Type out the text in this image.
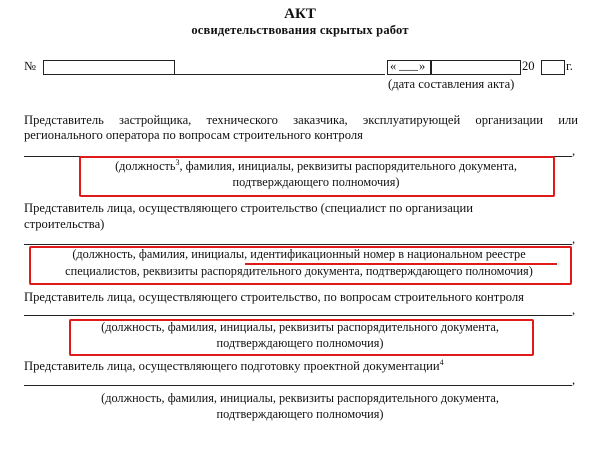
АКТ
освидетельствования скрытых работ
№	« ___ »	20 г.
(дата составления акта)
Представитель застройщика, технического заказчика, эксплуатирующей организации или
регионального оператора по вопросам строительного контроля
,
(должность$^3$, фамилия, инициалы, реквизиты распорядительного документа,
подтверждающего полномочия)
Представитель лица, осуществляющего строительство (специалист по организации
строительства)
,
(должность, фамилия, инициалы, идентификационный номер в национальном реестре
специалистов, реквизиты распорядительного документа, подтверждающего полномочия)
Представитель лица, осуществляющего строительство, по вопросам строительного контроля
,
(должность, фамилия, инициалы, реквизиты распорядительного документа,
подтверждающего полномочия)
Представитель лица, осуществляющего подготовку проектной документации$^4$
,
(должность, фамилия, инициалы, реквизиты распорядительного документа,
подтверждающего полномочия)
